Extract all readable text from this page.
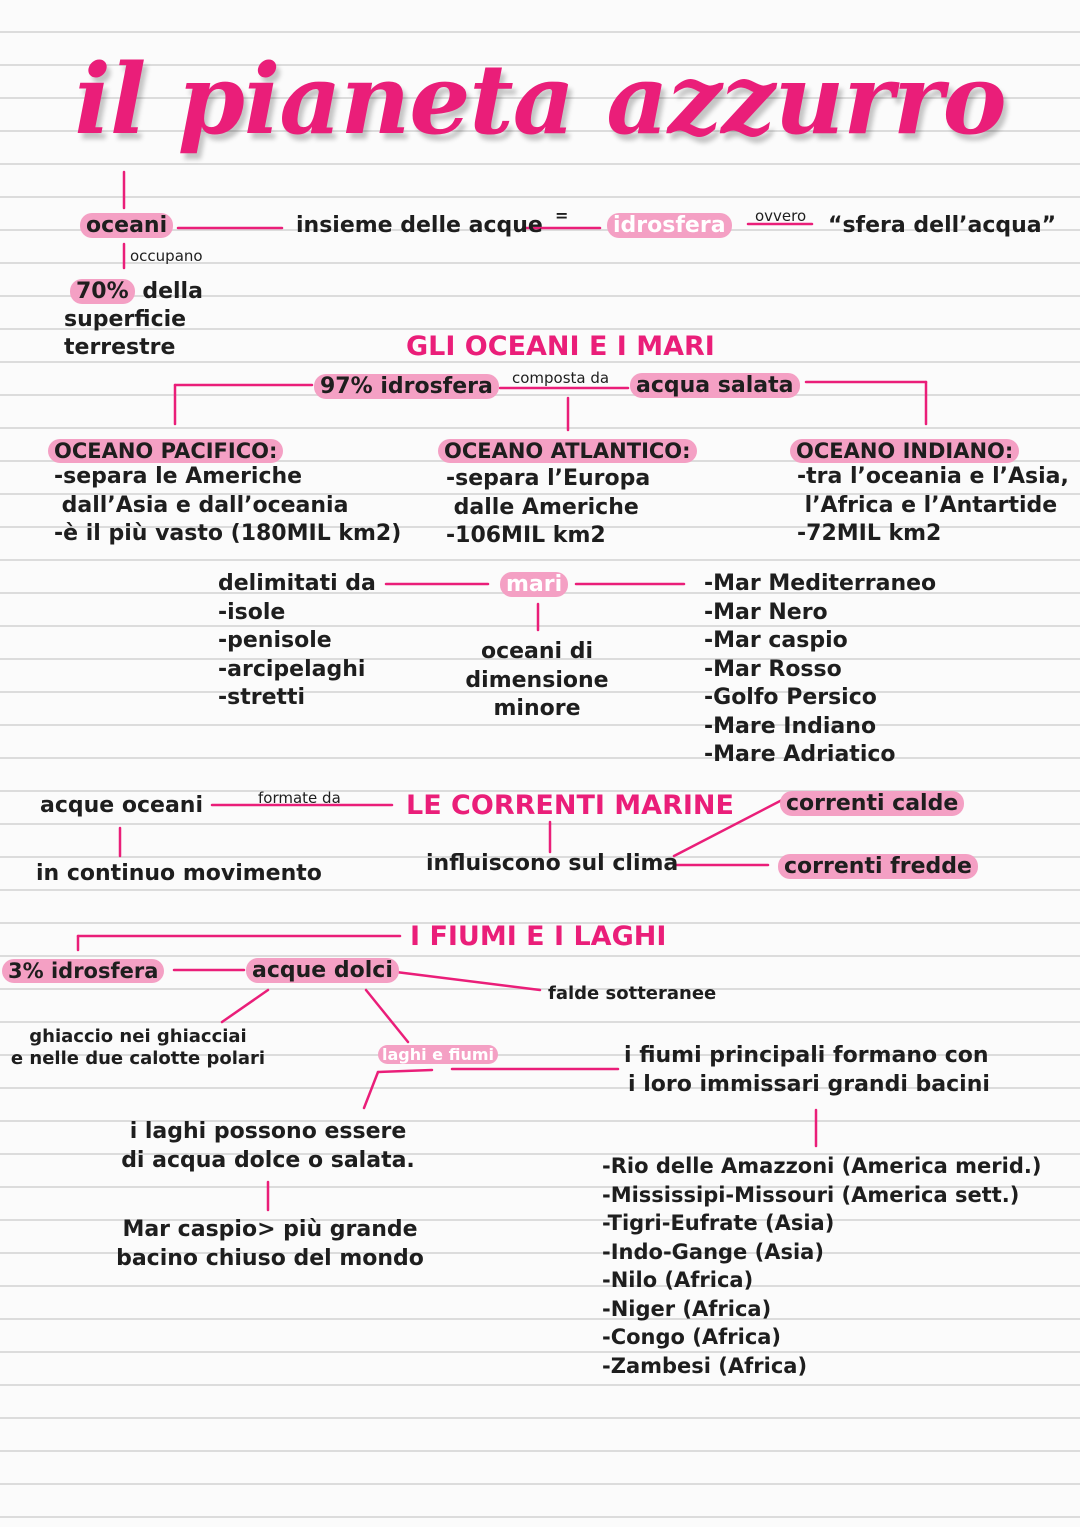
il pianeta azzurro
oceani	insieme delle acque = idrosfera	ovvero “sfera dell’acqua”
occupano
70% della
superficie
terrestre	GLI OCEANI E I MARI
97% idrosfera	composta da acqua salata
OCEANO PACIFICO:
-separa le Americhe
dall’Asia e dall’oceania
-è il più vasto (180MIL km2)
OCEANO ATLANTICO:
-separa l’Europa
dalle Americhe
-106MIL km2
OCEANO INDIANO:
-tra l’oceania e l’Asia,
l’Africa e l’Antartide
-72MIL km2
delimitati da
-isole
-penisole
-arcipelaghi
-stretti
mari
oceani di
dimensione
minore
-Mar Mediterraneo
-Mar Nero
-Mar caspio
-Mar Rosso
-Golfo Persico
-Mare Indiano
-Mare Adriatico
acque oceani	formate da LE CORRENTI MARINE correnti calde
in continuo movimento	influiscono sul clima	correnti fredde
I FIUMI E I LAGHI
3% idrosfera	acque dolci
falde sotteranee
ghiaccio nei ghiacciai
e nelle due calotte polari	laghi e fiumi	i fiumi principali formano con
i loro immissari grandi bacini
i laghi possono essere
di acqua dolce o salata.
Mar caspio> più grande
bacino chiuso del mondo
-Rio delle Amazzoni (America merid.)
-Mississipi-Missouri (America sett.)
-Tigri-Eufrate (Asia)
-Indo-Gange (Asia)
-Nilo (Africa)
-Niger (Africa)
-Congo (Africa)
-Zambesi (Africa)
